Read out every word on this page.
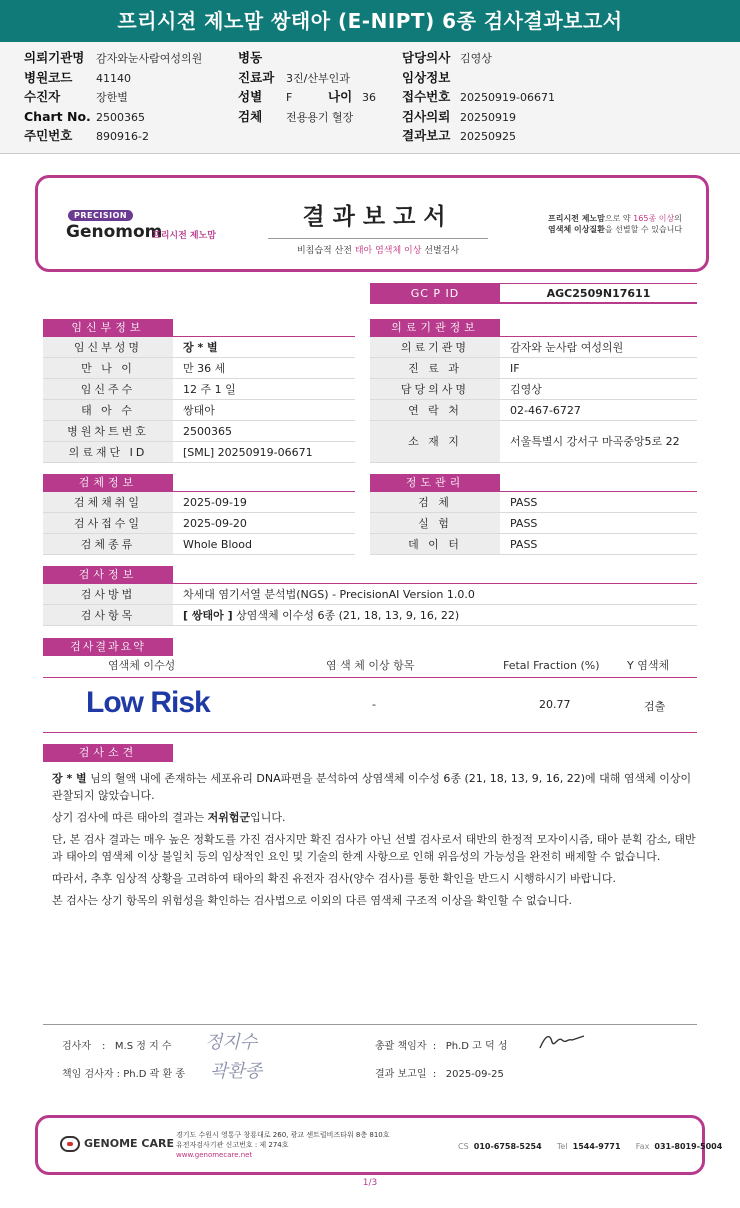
프리시젼 제노맘 쌍태아 (E-NIPT) 6종 검사결과보고서
의뢰기관명 감자와눈사람여성의원
병원코드 41140
수진자	장한별
Chart No. 2500365
주민번호 890916-2
병동
진료과 3진/산부인과
성별 F	나이 36
검체 전용용기 혈장
담당의사 김영상
임상정보
접수번호 20250919-06671
검사의뢰 20250919
결과보고 20250925
PRECISION
Genomom
프리시전 제노맘
결과보고서
비침습적 산전 태아 염색체 이상 선별검사
프리시전 제노맘으로 약 165종 이상의
염색체 이상질환을 선별할 수 있습니다
GC P ID	AGC2509N17611
임신부정보
임신부성명	장 * 별
만 나 이	만 36 세
임신주수	12 주 1 일
태 아 수	쌍태아
병원차트번호	2500365
의료재단 ID	[SML] 20250919-06671
의료기관정보
의료기관명	감자와 눈사람 여성의원
진 료 과	IF
담당의사명	김영상
연 락 처	02-467-6727
소 재 지	서울특별시 강서구 마곡중앙5로 22
검체정보
검체채취일	2025-09-19
검사접수일	2025-09-20
검체종류	Whole Blood
정도관리
검 체	PASS
실 험	PASS
데 이 터	PASS
검사정보
검사방법	차세대 염기서열 분석법(NGS) - PrecisionAI Version 1.0.0
검사항목	[ 쌍태아 ] 상염색체 이수성 6종 (21, 18, 13, 9, 16, 22)
검사결과요약
염색체 이수성	염 색 체 이상 항목	Fetal Fraction (%) Y 염색체
Low Risk	-	20.77	검출
검사소견

장 * 별 님의 혈액 내에 존재하는 세포유리 DNA파편을 분석하여 상염색체 이수성 6종 (21, 18, 13, 9, 16, 22)에 대해 염색체 이상이 관찰되지 않았습니다.

상기 검사에 따른 태아의 결과는 저위험군입니다.

단, 본 검사 결과는 매우 높은 정확도를 가진 검사지만 확진 검사가 아닌 선별 검사로서 태반의 한정적 모자이시즘, 태아 분획 감소, 태반과 태아의 염색체 이상 불일치 등의 임상적인 요인 및 기술의 한계 사항으로 인해 위음성의 가능성을 완전히 배제할 수 없습니다.

따라서, 추후 임상적 상황을 고려하여 태아의 확진 유전자 검사(양수 검사)를 통한 확인을 반드시 시행하시기 바랍니다.

본 검사는 상기 항목의 위험성을 확인하는 검사법으로 이외의 다른 염색체 구조적 이상을 확인할 수 없습니다.

검사자 :   M.S 정 지 수 정지수
책임 검사자 : Ph.D 곽 환 종 곽환종
총괄 책임자  :   Ph.D 고 덕 성
결과 보고일  :   2025-09-25
GENOME CARE
경기도 수원시 영통구 창룡대로 260, 광교 센트럴비즈타워 8층 810호
유전자검사기관 신고번호 : 제 274호
www.genomecare.net
CS 010-6758-5254 Tel 1544-9771 Fax 031-8019-5004
1/3
